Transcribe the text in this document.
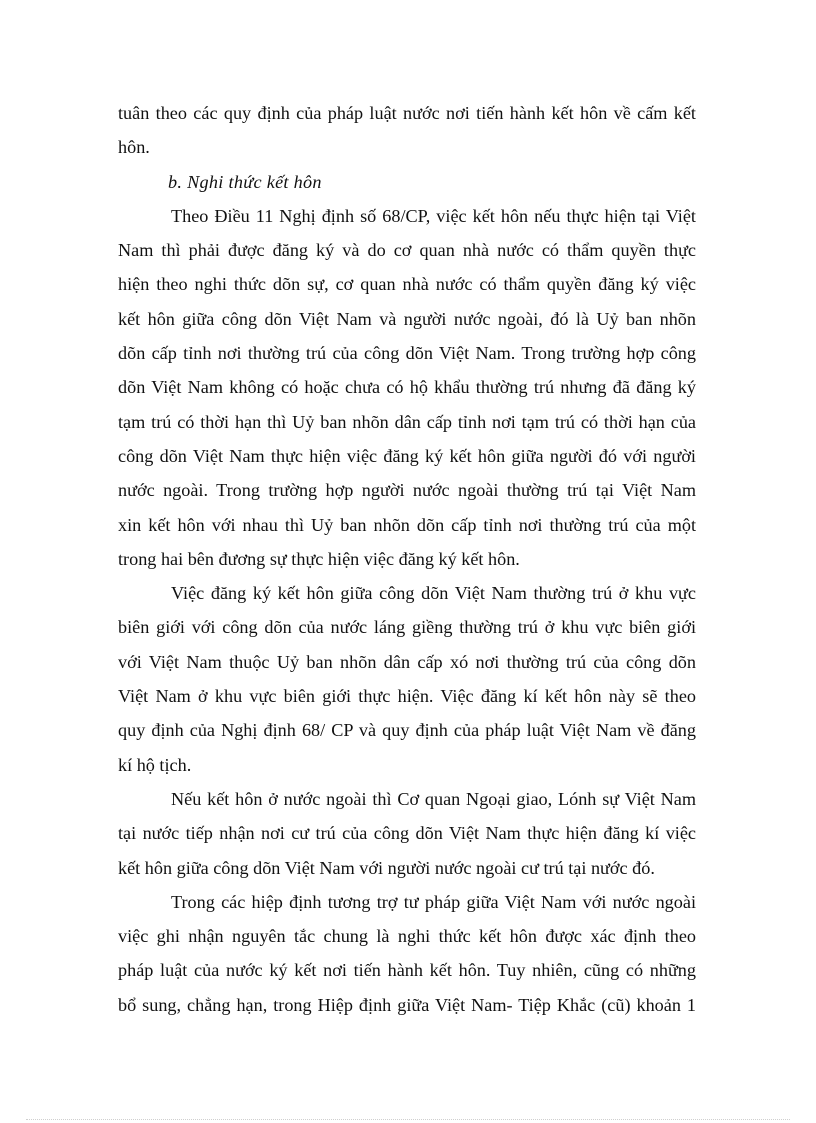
tuân theo các quy định của pháp luật nước nơi tiến hành kết hôn về cấm kết
hôn.
b. Nghi thức kết hôn
Theo Điều 11 Nghị định số 68/CP, việc kết hôn nếu thực hiện tại Việt
Nam thì phải được đăng ký và do cơ quan nhà nước có thẩm quyền thực
hiện theo nghi thức dõn sự, cơ quan nhà nước có thẩm quyền đăng ký việc
kết hôn giữa công dõn Việt Nam và người nước ngoài, đó là Uỷ ban nhõn
dõn cấp tỉnh nơi thường trú của công dõn Việt Nam. Trong trường hợp công
dõn Việt Nam không có hoặc chưa có hộ khẩu thường trú nhưng đã đăng ký
tạm trú có thời hạn thì Uỷ ban nhõn dân cấp tỉnh nơi tạm trú có thời hạn của
công dõn Việt Nam thực hiện việc đăng ký kết hôn giữa người đó với người
nước ngoài. Trong trường hợp người nước ngoài thường trú tại Việt Nam
xin kết hôn với nhau thì Uỷ ban nhõn dõn cấp tỉnh nơi thường trú của một
trong hai bên đương sự thực hiện việc đăng ký kết hôn.
Việc đăng ký kết hôn giữa công dõn Việt Nam thường trú ở khu vực
biên giới với công dõn của nước láng giềng thường trú ở khu vực biên giới
với Việt Nam thuộc Uỷ ban nhõn dân cấp xó nơi thường trú của công dõn
Việt Nam ở khu vực biên giới thực hiện. Việc đăng kí kết hôn này sẽ theo
quy định của Nghị định 68/ CP và quy định của pháp luật Việt Nam về đăng
kí hộ tịch.
Nếu kết hôn ở nước ngoài thì Cơ quan Ngoại giao, Lónh sự Việt Nam
tại nước tiếp nhận nơi cư trú của công dõn Việt Nam thực hiện đăng kí việc
kết hôn giữa công dõn Việt Nam với người nước ngoài cư trú tại nước đó.
Trong các hiệp định tương trợ tư pháp giữa Việt Nam với nước ngoài
việc ghi nhận nguyên tắc chung là nghi thức kết hôn được xác định theo
pháp luật của nước ký kết nơi tiến hành kết hôn. Tuy nhiên, cũng có những
bổ sung, chẳng hạn, trong Hiệp định giữa Việt Nam- Tiệp Khắc (cũ) khoản 1
